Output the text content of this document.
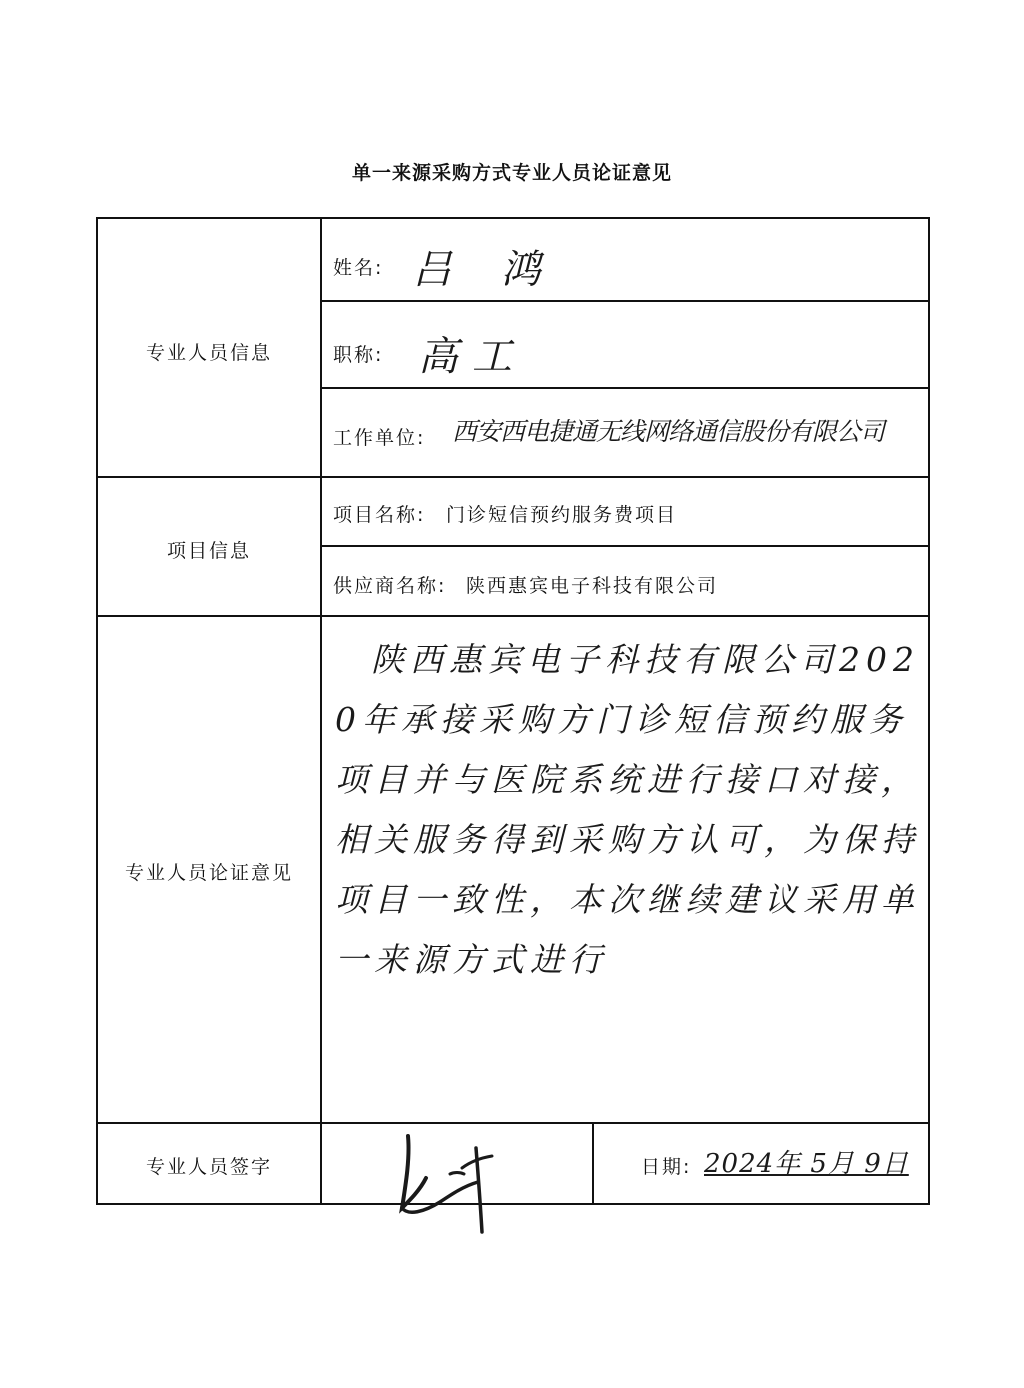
单一来源采购方式专业人员论证意见
专业人员信息
项目信息
专业人员论证意见
专业人员签字
姓名: 吕 鸿
职称: 高工
工作单位: 西安西电捷通无线网络通信股份有限公司
项目名称: 门诊短信预约服务费项目
供应商名称: 陕西惠宾电子科技有限公司
陕西惠宾电子科技有限公司2020年承接采购方门诊短信预约服务项目并与医院系统进行接口对接，相关服务得到采购方认可，为保持项目一致性，本次继续建议采用单一来源方式进行
日期: 2024年 5月 9日
